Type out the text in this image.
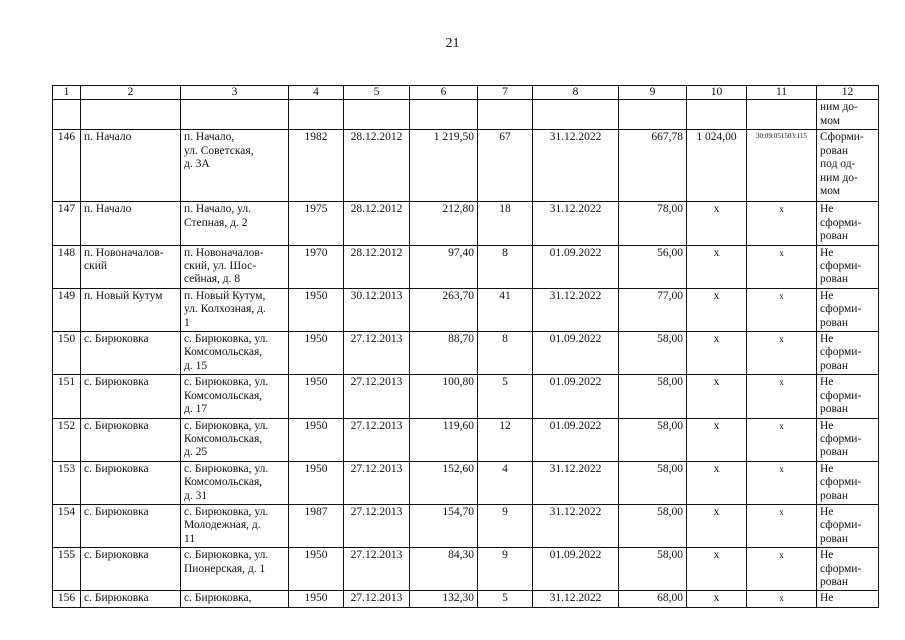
21
1	2	3	4	5	6	7	8	9	10	11	12
											ним до-
мом
146	п. Начало	п. Начало,
ул. Советская,
д. 3А	1982	28.12.2012	1 219,50	67	31.12.2022	667,78	1 024,00	30:09:051503:115	Сформи-
рован
под од-
ним до-
мом
147	п. Начало	п. Начало, ул.
Степная, д. 2	1975	28.12.2012	212,80	18	31.12.2022	78,00	х	х	Не
сформи-
рован
148	п. Новоначалов-
ский	п. Новоначалов-
ский, ул. Шос-
сейная, д. 8	1970	28.12.2012	97,40	8	01.09.2022	56,00	х	х	Не
сформи-
рован
149	п. Новый Кутум	п. Новый Кутум,
ул. Колхозная, д.
1	1950	30.12.2013	263,70	41	31.12.2022	77,00	х	х	Не
сформи-
рован
150	с. Бирюковка	с. Бирюковка, ул.
Комсомольская,
д. 15	1950	27.12.2013	88,70	8	01.09.2022	58,00	х	х	Не
сформи-
рован
151	с. Бирюковка	с. Бирюковка, ул.
Комсомольская,
д. 17	1950	27.12.2013	100,80	5	01.09.2022	58,00	х	х	Не
сформи-
рован
152	с. Бирюковка	с. Бирюковка, ул.
Комсомольская,
д. 25	1950	27.12.2013	119,60	12	01.09.2022	58,00	х	х	Не
сформи-
рован
153	с. Бирюковка	с. Бирюковка, ул.
Комсомольская,
д. 31	1950	27.12.2013	152,60	4	31.12.2022	58,00	х	х	Не
сформи-
рован
154	с. Бирюковка	с. Бирюковка, ул.
Молодежная, д.
11	1987	27.12.2013	154,70	9	31.12.2022	58,00	х	х	Не
сформи-
рован
155	с. Бирюковка	с. Бирюковка, ул.
Пионерская, д. 1	1950	27.12.2013	84,30	9	01.09.2022	58,00	х	х	Не
сформи-
рован
156	с. Бирюковка	с. Бирюковка,	1950	27.12.2013	132,30	5	31.12.2022	68,00	х	х	Не
